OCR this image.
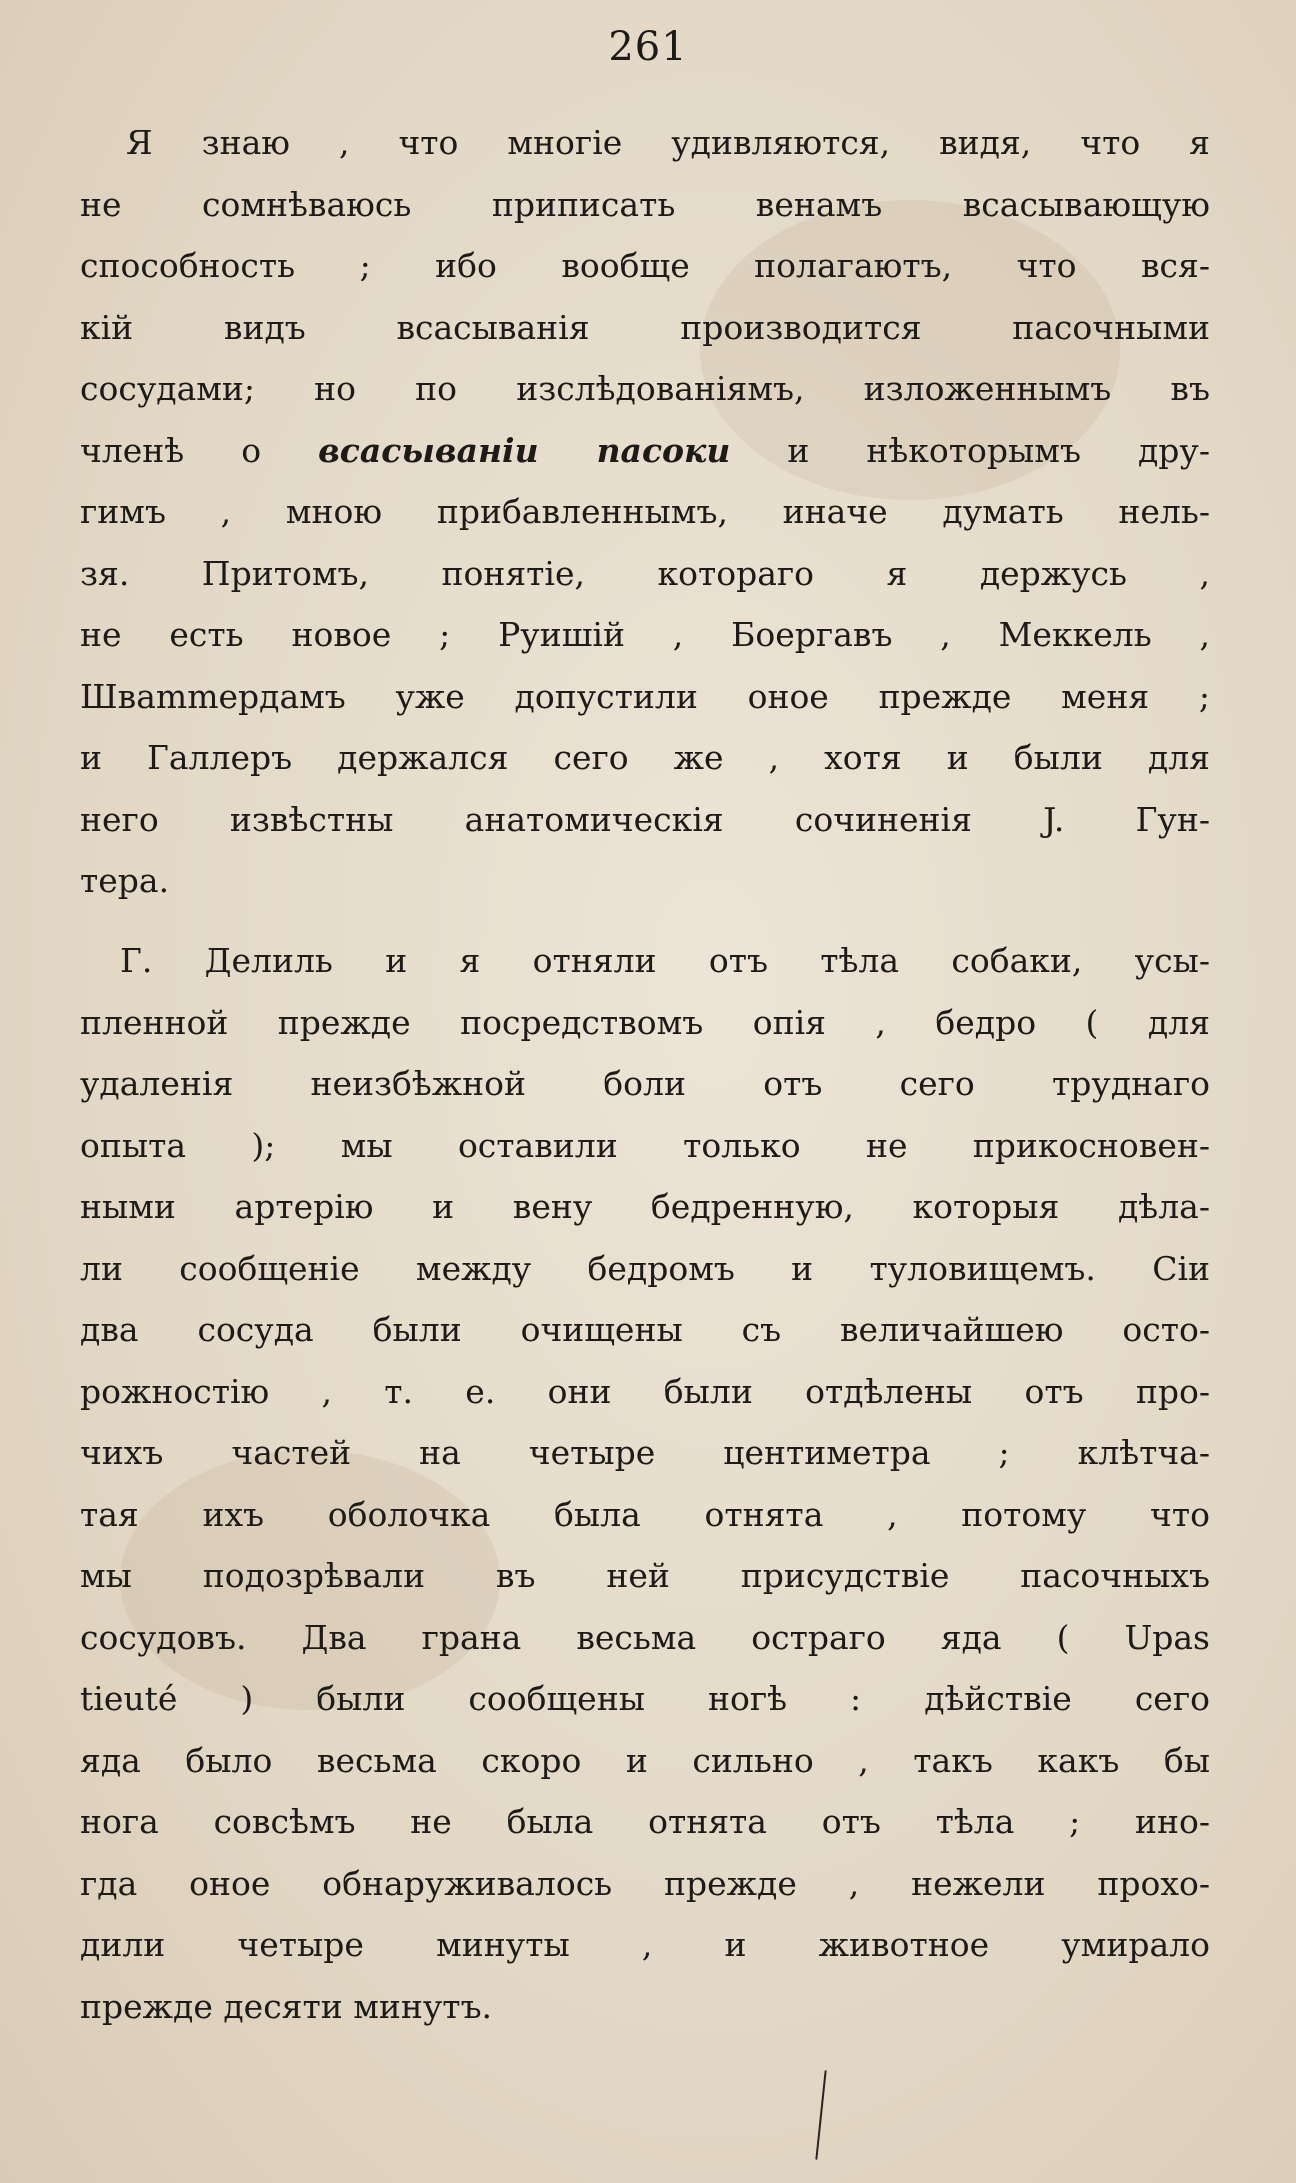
261
Я знаю , что многіе удивляются, видя, что я
не сомнѣваюсь приписать венамъ всасывающую
способность ; ибо вообще полагаютъ, что вся-
кій видъ всасыванія производится пасочными
сосудами; но по изслѣдованіямъ, изложеннымъ въ
членѣ о всасываніи пасоки и нѣкоторымъ дру-
гимъ , мною прибавленнымъ, иначе думать нель-
зя. Притомъ, понятіе, котораго я держусь ,
не есть новое ; Руишій , Боергавъ , Меккель ,
Швammердамъ уже допустили оное прежде меня ;
и Галлеръ держался сего же , хотя и были для
него извѣстны анатомическія сочиненія J. Гун-
тера.
Г. Делиль и я отняли отъ тѣла собаки, усы-
пленной прежде посредствомъ опія , бедро ( для
удаленія неизбѣжной боли отъ сего труднаго
опыта ); мы оставили только не прикосновен-
ными артерію и вену бедренную, которыя дѣла-
ли сообщеніе между бедромъ и туловищемъ. Сіи
два сосуда были очищены съ величайшею осто-
рожностію , т. е. они были отдѣлены отъ про-
чихъ частей на четыре центиметра ; клѣтча-
тая ихъ оболочка была отнята , потому что
мы подозрѣвали въ ней присудствіе пасочныхъ
сосудовъ. Два грана весьма остраго яда ( Upas
tieuté ) были сообщены ногѣ : дѣйствіе сего
яда было весьма скоро и сильно , такъ какъ бы
нога совсѣмъ не была отнята отъ тѣла ; ино-
гда оное обнаруживалось прежде , нежели прохо-
дили четыре минуты , и животное умирало
прежде десяти минутъ.
